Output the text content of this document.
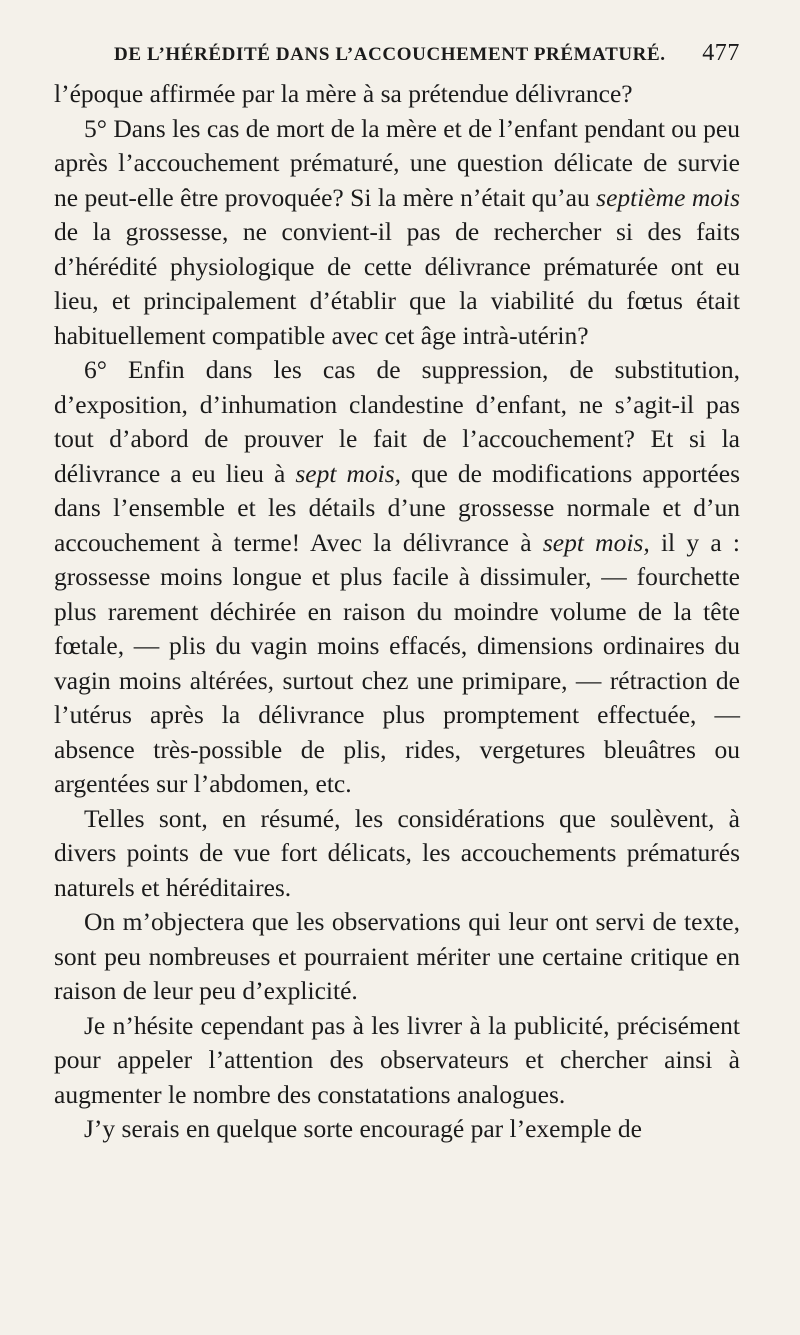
DE L’HÉRÉDITÉ DANS L’ACCOUCHEMENT PRÉMATURÉ. 477

l’époque affirmée par la mère à sa prétendue délivrance?

5° Dans les cas de mort de la mère et de l’enfant pendant ou peu après l’accouchement prématuré, une question délicate de survie ne peut-elle être provoquée? Si la mère n’était qu’au septième mois de la grossesse, ne convient-il pas de rechercher si des faits d’hérédité physiologique de cette délivrance prématurée ont eu lieu, et principalement d’établir que la viabilité du fœtus était habituellement compatible avec cet âge intrà-utérin?

6° Enfin dans les cas de suppression, de substitution, d’exposition, d’inhumation clandestine d’enfant, ne s’agit-il pas tout d’abord de prouver le fait de l’accouchement? Et si la délivrance a eu lieu à sept mois, que de modifications apportées dans l’ensemble et les détails d’une grossesse normale et d’un accouchement à terme! Avec la délivrance à sept mois, il y a : grossesse moins longue et plus facile à dissimuler, — fourchette plus rarement déchirée en raison du moindre volume de la tête fœtale, — plis du vagin moins effacés, dimensions ordinaires du vagin moins altérées, surtout chez une primipare, — rétraction de l’utérus après la délivrance plus promptement effectuée, — absence très-possible de plis, rides, vergetures bleuâtres ou argentées sur l’abdomen, etc.

Telles sont, en résumé, les considérations que soulèvent, à divers points de vue fort délicats, les accouchements prématurés naturels et héréditaires.

On m’objectera que les observations qui leur ont servi de texte, sont peu nombreuses et pourraient mériter une certaine critique en raison de leur peu d’explicité.

Je n’hésite cependant pas à les livrer à la publicité, précisément pour appeler l’attention des observateurs et chercher ainsi à augmenter le nombre des constatations analogues.

J’y serais en quelque sorte encouragé par l’exemple de
